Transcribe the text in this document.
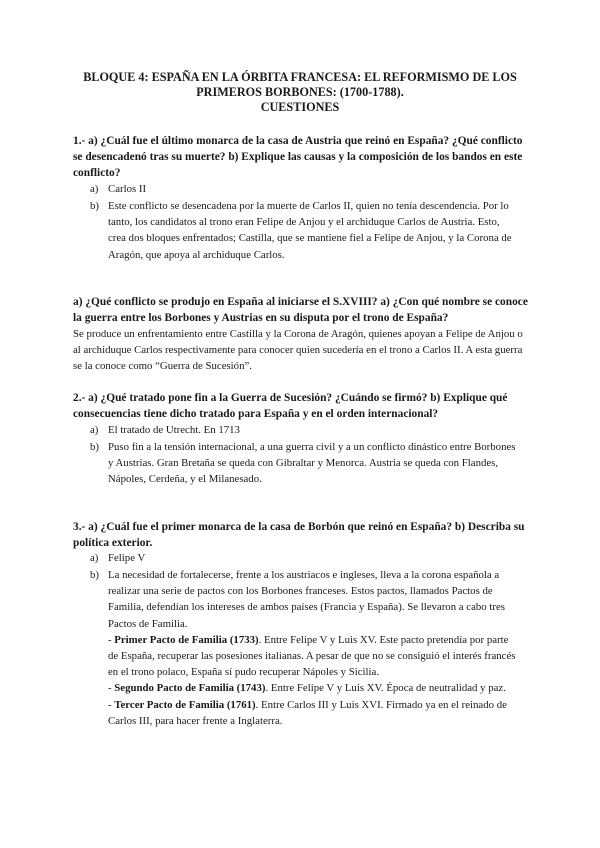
BLOQUE 4: ESPAÑA EN LA ÓRBITA FRANCESA: EL REFORMISMO DE LOS
PRIMEROS BORBONES: (1700-1788).
CUESTIONES
1.- a) ¿Cuál fue el último monarca de la casa de Austria que reinó en España? ¿Qué conflicto se desencadenó tras su muerte? b) Explique las causas y la composición de los bandos en este conflicto?
a) Carlos II
b) Este conflicto se desencadena por la muerte de Carlos II, quien no tenía descendencia. Por lo tanto, los candidatos al trono eran Felipe de Anjou y el archiduque Carlos de Austria. Esto, crea dos bloques enfrentados; Castilla, que se mantiene fiel a Felipe de Anjou, y la Corona de Aragón, que apoya al archiduque Carlos.
a) ¿Qué conflicto se produjo en España al iniciarse el S.XVIII? a) ¿Con qué nombre se conoce la guerra entre los Borbones y Austrias en su disputa por el trono de España?
Se produce un enfrentamiento entre Castilla y la Corona de Aragón, quienes apoyan a Felipe de Anjou o al archiduque Carlos respectivamente para conocer quien sucedería en el trono a Carlos II. A esta guerra se la conoce como “Guerra de Sucesión”.
2.- a) ¿Qué tratado pone fin a la Guerra de Sucesión? ¿Cuándo se firmó? b) Explique qué consecuencias tiene dicho tratado para España y en el orden internacional?
a) El tratado de Utrecht. En 1713
b) Puso fin a la tensión internacional, a una guerra civil y a un conflicto dinástico entre Borbones y Austrias. Gran Bretaña se queda con Gibraltar y Menorca. Austria se queda con Flandes, Nápoles, Cerdeña, y el Milanesado.
3.- a) ¿Cuál fue el primer monarca de la casa de Borbón que reinó en España? b) Describa su política exterior.
a) Felipe V
b) La necesidad de fortalecerse, frente a los austriacos e ingleses, lleva a la corona española a realizar una serie de pactos con los Borbones franceses. Estos pactos, llamados Pactos de Familia, defendían los intereses de ambos países (Francia y España). Se llevaron a cabo tres Pactos de Familia.
- Primer Pacto de Familia (1733). Entre Felipe V y Luis XV. Este pacto pretendía por parte de España, recuperar las posesiones italianas. A pesar de que no se consiguió el interés francés en el trono polaco, España sí pudo recuperar Nápoles y Sicilia.
- Segundo Pacto de Familia (1743). Entre Felipe V y Luis XV. Época de neutralidad y paz.
- Tercer Pacto de Familia (1761). Entre Carlos III y Luis XVI. Firmado ya en el reinado de Carlos III, para hacer frente a Inglaterra.
